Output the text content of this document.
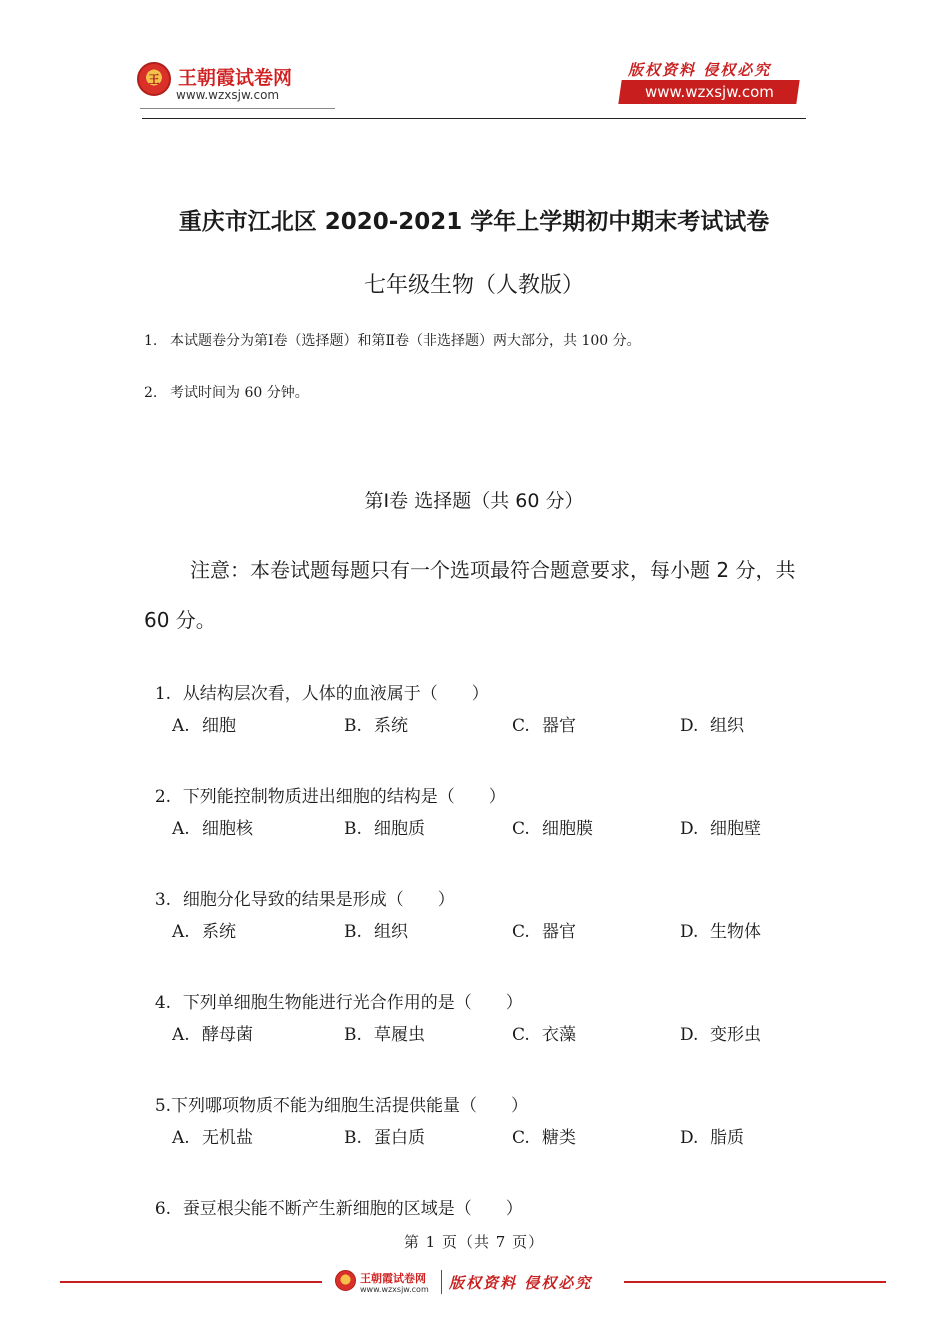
王 王朝霞试卷网
www.wzxsjw.com
版权资料 侵权必究
www.wzxsjw.com
重庆市江北区 2020-2021 学年上学期初中期末考试试卷
七年级生物（人教版）
1. 本试题卷分为第Ⅰ卷（选择题）和第Ⅱ卷（非选择题）两大部分，共 100 分。
2. 考试时间为 60 分钟。
第Ⅰ卷 选择题（共 60 分）
注意：本卷试题每题只有一个选项最符合题意要求，每小题 2 分，共 60 分。

1. 从结构层次看，人体的血液属于（　　）

A. 细胞	B. 系统	C. 器官	D. 组织

2. 下列能控制物质进出细胞的结构是（　　）

A. 细胞核	B. 细胞质	C. 细胞膜	D. 细胞壁

3. 细胞分化导致的结果是形成（　　）

A. 系统	B. 组织	C. 器官	D. 生物体

4. 下列单细胞生物能进行光合作用的是（　　）

A. 酵母菌	B. 草履虫	C. 衣藻	D. 变形虫

5.下列哪项物质不能为细胞生活提供能量（　　）

A. 无机盐	B. 蛋白质	C. 糖类	D. 脂质

6. 蚕豆根尖能不断产生新细胞的区域是（　　）

第 1 页（共 7 页）
王朝霞试卷网
www.wzxsjw.com 版权资料 侵权必究
